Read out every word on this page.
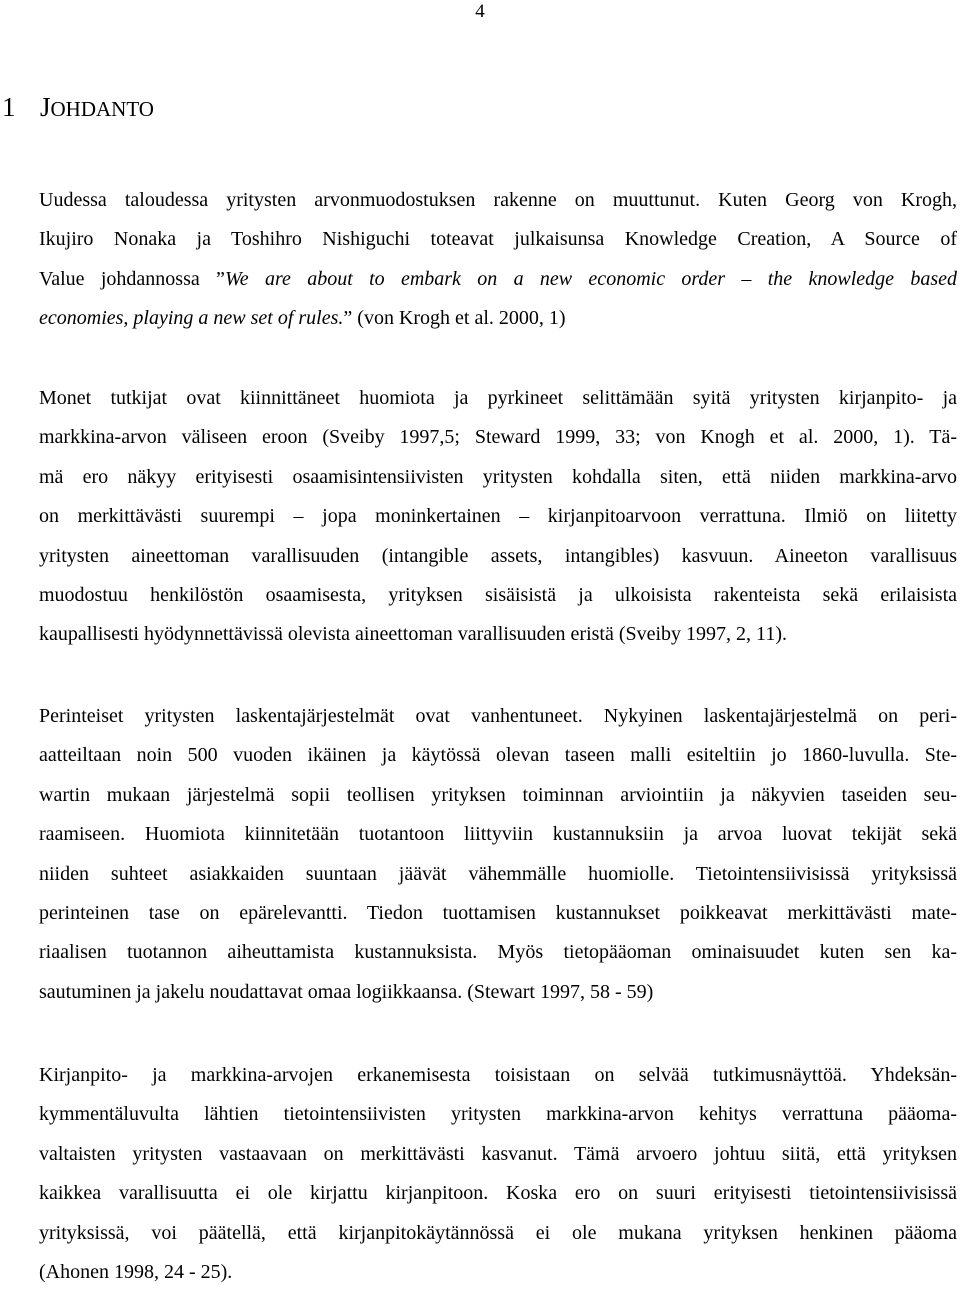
4
1 JOHDANTO
Uudessa taloudessa yritysten arvonmuodostuksen rakenne on muuttunut. Kuten Georg von Krogh,
Ikujiro Nonaka ja Toshihro Nishiguchi toteavat julkaisunsa Knowledge Creation, A Source of
Value johdannossa ”We are about to embark on a new economic order – the knowledge based
economies, playing a new set of rules.” (von Krogh et al. 2000, 1)
Monet tutkijat ovat kiinnittäneet huomiota ja pyrkineet selittämään syitä yritysten kirjanpito- ja
markkina-arvon väliseen eroon (Sveiby 1997,5; Steward 1999, 33; von Knogh et al. 2000, 1). Tä-
mä ero näkyy erityisesti osaamisintensiivisten yritysten kohdalla siten, että niiden markkina-arvo
on merkittävästi suurempi – jopa moninkertainen – kirjanpitoarvoon verrattuna. Ilmiö on liitetty
yritysten aineettoman varallisuuden (intangible assets, intangibles) kasvuun. Aineeton varallisuus
muodostuu henkilöstön osaamisesta, yrityksen sisäisistä ja ulkoisista rakenteista sekä erilaisista
kaupallisesti hyödynnettävissä olevista aineettoman varallisuuden eristä (Sveiby 1997, 2, 11).
Perinteiset yritysten laskentajärjestelmät ovat vanhentuneet. Nykyinen laskentajärjestelmä on peri-
aatteiltaan noin 500 vuoden ikäinen ja käytössä olevan taseen malli esiteltiin jo 1860-luvulla. Ste-
wartin mukaan järjestelmä sopii teollisen yrityksen toiminnan arviointiin ja näkyvien taseiden seu-
raamiseen. Huomiota kiinnitetään tuotantoon liittyviin kustannuksiin ja arvoa luovat tekijät sekä
niiden suhteet asiakkaiden suuntaan jäävät vähemmälle huomiolle. Tietointensiivisissä yrityksissä
perinteinen tase on epärelevantti. Tiedon tuottamisen kustannukset poikkeavat merkittävästi mate-
riaalisen tuotannon aiheuttamista kustannuksista. Myös tietopääoman ominaisuudet kuten sen ka-
sautuminen ja jakelu noudattavat omaa logiikkaansa. (Stewart 1997, 58 - 59)
Kirjanpito- ja markkina-arvojen erkanemisesta toisistaan on selvää tutkimusnäyttöä. Yhdeksän-
kymmentäluvulta lähtien tietointensiivisten yritysten markkina-arvon kehitys verrattuna pääoma-
valtaisten yritysten vastaavaan on merkittävästi kasvanut. Tämä arvoero johtuu siitä, että yrityksen
kaikkea varallisuutta ei ole kirjattu kirjanpitoon. Koska ero on suuri erityisesti tietointensiivisissä
yrityksissä, voi päätellä, että kirjanpitokäytännössä ei ole mukana yrityksen henkinen pääoma
(Ahonen 1998, 24 - 25).
